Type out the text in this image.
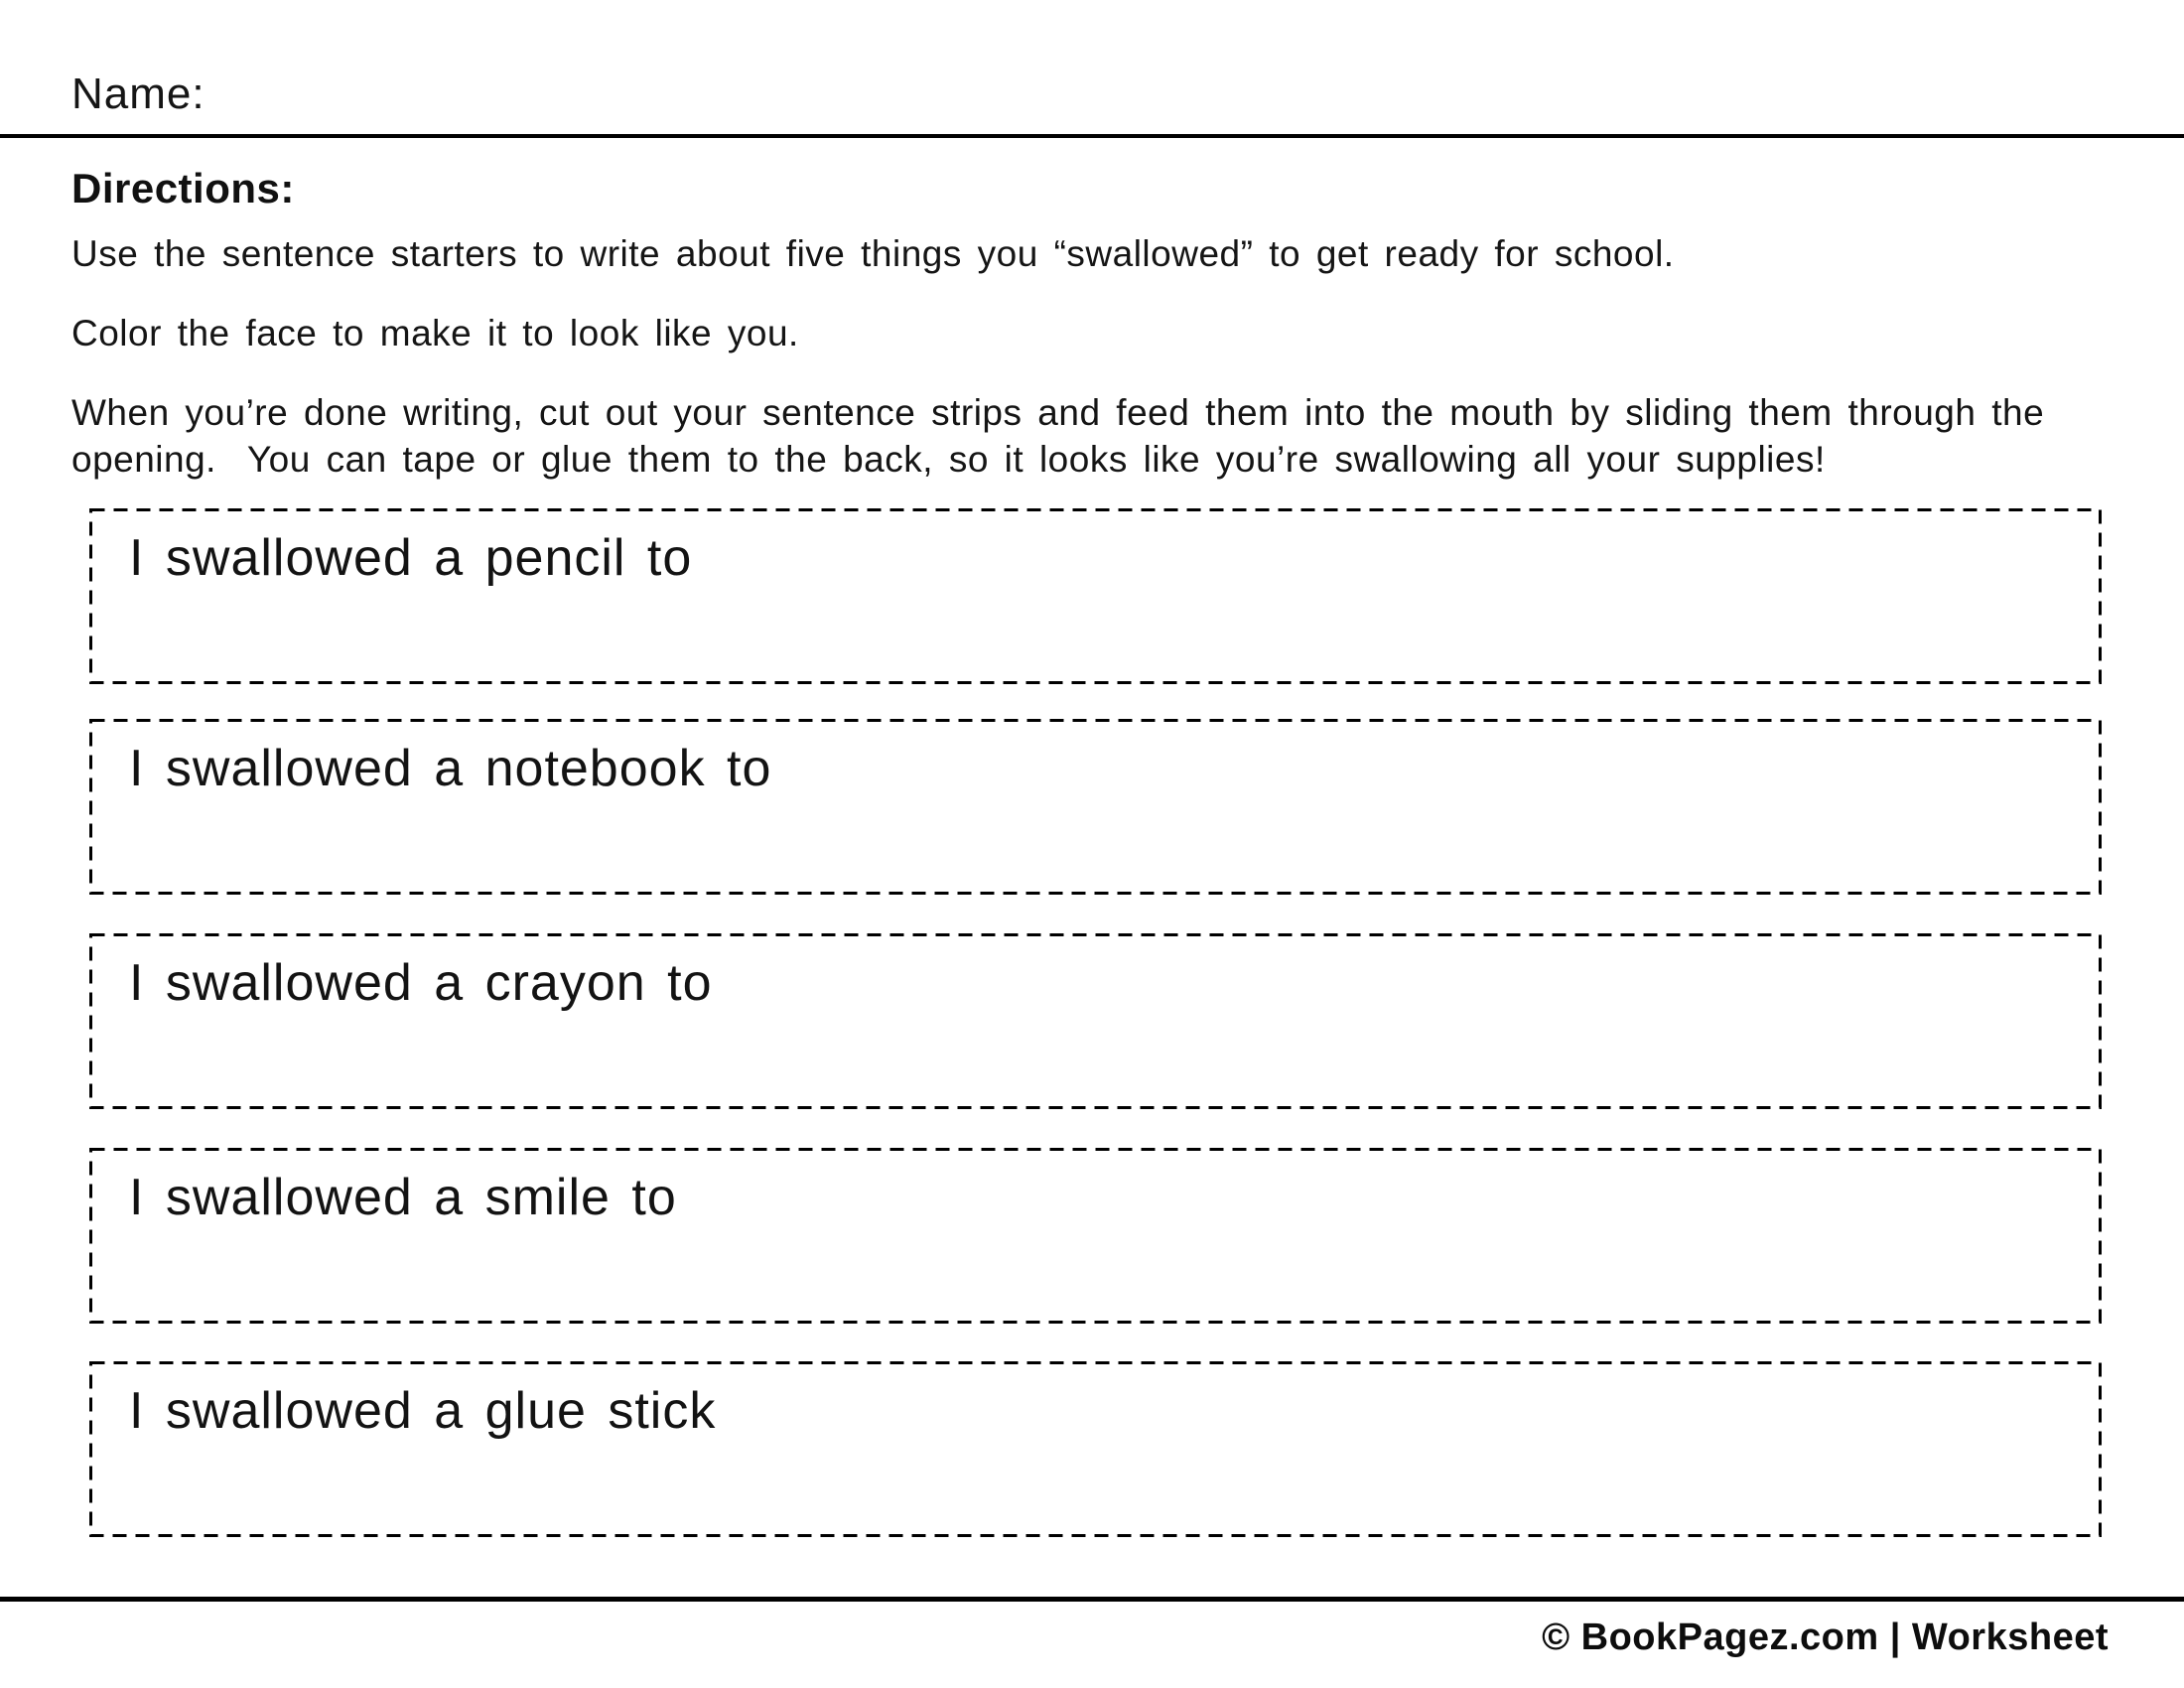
Name:
Directions:

Use the sentence starters to write about five things you “swallowed” to get ready for school.

Color the face to make it to look like you.

When you’re done writing, cut out your sentence strips and feed them into the mouth by sliding them through the opening.  You can tape or glue them to the back, so it looks like you’re swallowing all your supplies!

I swallowed a pencil to
I swallowed a notebook to
I swallowed a crayon to
I swallowed a smile to
I swallowed a glue stick
© BookPagez.com | Worksheet
